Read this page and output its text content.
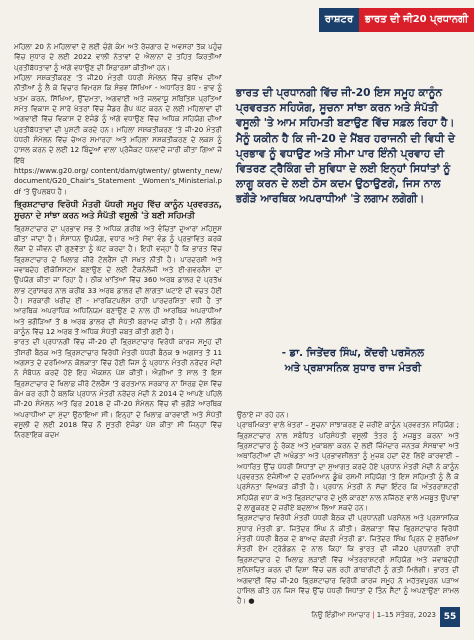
ਰਾਸ਼ਟਰ	ਭਾਰਤ ਦੀ ਜੀ20 ਪ੍ਰਧਾਨਗੀ

ਮਹਿਲਾ 20 ਨੇ ਮਹਿਲਾਵਾਂ ਦੇ ਲਈ ਚੰਗੇ ਕੰਮ ਅਤੇ ਰੋਜ਼ਗਾਰ ਦੇ ਅਵਸਰਾਂ ਤੱਕ ਪਹੁੰਚ ਵਿੱਚ ਸੁਧਾਰ ਦੇ ਲਈ 2022 ਵਾਲੀ ਨੇਤਾਵਾਂ ਦੇ ਐਲਾਨਾਂ ਦੇ ਤਹਿਤ ਕਿਰਤੀਆਂ ਪ੍ਰਤੀਬੱਧਤਾਵਾਂ ਨੂੰ ਅੱਗੇ ਵਧਾਉਣ ਦੀ ਸਿਫ਼ਾਰਸ਼ਾਂ ਕੀਤੀਆਂ ਹਨ।

ਮਹਿਲਾ ਸਸ਼ਕਤੀਕਰਣ 'ਤੇ ਜੀ20 ਮੰਤਰੀ ਪੱਧਰੀ ਸੰਮੇਲਨ ਵਿੱਚ ਭਵਿੱਖ ਦੀਆਂ ਨੀਤੀਆਂ ਨੂੰ ਲੈ ਕੇ ਵਿਚਾਰ ਵਿਮਰਸ਼ ਕਿ ਸੰਭਵ ਸਿੱਖਿਆ - ਅਧਾਰਿਤ ਬੋਧ - ਭਾਵ ਨੂੰ ਖਤਮ ਕਰਨ, ਸਿੱਖਿਆ, ਉੱਦਮਤਾ, ਅਗਵਾਈ ਅਤੇ ਜਲਵਾਯੂ ਸਥਿਤਿਸ਼ ਪ੍ਰਤਿਆਂ ਸਮੇਤ ਵਿਕਾਸ ਦੇ ਸਾਰੇ ਖੇਤਰਾਂ ਵਿੱਚ ਜੈਂਡਰ ਗੈਪ ਘੱਟ ਕਰਨ ਦੇ ਲਈ ਮਹਿਲਾਵਾਂ ਦੀ ਅਗਵਾਈ ਵਿੱਚ ਵਿਕਾਸ ਦੇ ਏਜੰਡੇ ਨੂੰ ਅੱਗੇ ਵਧਾਉਣ ਵਿੱਚ ਅਧਿਕ ਸਹਿਯੋਗ ਦੀਆਂ ਪ੍ਰਤੀਬੱਧਤਾਵਾਂ ਦੀ ਪੁਸ਼ਟੀ ਕਰਦੇ ਹਨ। ਮਹਿਲਾ ਸਸ਼ਕਤੀਕਰਣ 'ਤੇ ਜੀ-20 ਮੰਤਰੀ ਪੱਧਰੀ ਸੰਮੇਲਨ ਵਿੱਚ ਚੇਅਰ ਸਮਾਰਹਾ ਅਤੇ ਮਹਿਲਾ ਸਸ਼ਕਤੀਕਰਣ ਦੇ ਲਕਸ਼ ਨੂੰ ਹਾਸਲ ਕਰਨ ਦੇ ਲਈ 12 ਬਿੰਦੂਆਂ ਵਾਲਾ ਪ੍ਰੋਜੈਕਟ ਧਨਵਾਦੋਂ ਜਾਰੀ ਕੀਤਾ ਗਿਆ ਜੋ ਇੱਥੇ

https://www.g20.org/ content/dam/gtwenty/ gtwenty_new/document/G20_Chair's_Statement _Women's_Ministerial.pdf 'ਤੇ ਉਪਲਬਧ ਹੈ।

ਭ੍ਰਿਸ਼ਟਾਚਾਰ ਵਿਰੋਧੀ ਮੰਤਰੀ ਪੱਧਰੀ ਸਮੂਹ ਵਿੱਚ ਕਾਨੂੰਨ ਪ੍ਰਵਰਤਨ, ਸੂਚਨਾ ਦੇ ਸਾਂਝਾ ਕਰਨ ਅਤੇ ਸੰਪੱਤੀ ਵਸੂਲੀ 'ਤੇ ਬਣੀ ਸਹਿਮਤੀ

ਭ੍ਰਿਸ਼ਟਾਚਾਰ ਦਾ ਪ੍ਰਭਾਵ ਸਭ ਤੋਂ ਅਧਿਕ ਗ਼ਰੀਬ ਅਤੇ ਵੰਚਿਤਾਂ ਦੁਆਰਾ ਮਹਿਸੂਸ ਕੀਤਾ ਜਾਂਦਾ ਹੈ। ਸੰਸਾਧਨ ਉਪਯੋਗ, ਵਧਾਰ ਅਤੇ ਸੇਵਾ ਵੰਡ ਨੂੰ ਪ੍ਰਭਾਵਿਤ ਕਰਕੇ ਲੋਕਾਂ ਦੇ ਜੀਵਨ ਦੀ ਗੁਣਵੱਤਾ ਨੂੰ ਘੱਟ ਕਰਦਾ ਹੈ। ਇਹੀ ਵਜ੍ਹਾ ਹੈ ਕਿ ਭਾਰਤ ਵਿੱਚ ਭ੍ਰਿਸ਼ਟਾਚਾਰ ਦੇ ਖਿਲਾਫ਼ ਜ਼ੀਰੋ ਟੋਲਰੈਂਸ ਦੀ ਸਖ਼ਤ ਨੀਤੀ ਹੈ। ਪਾਰਦਰਸ਼ੀ ਅਤੇ ਜਵਾਬਦੇਹ ਈਕੋਸਿਸਟਮ ਬਣਾਉਣ ਦੇ ਲਈ ਟੈਕਨੋਲੋਜੀ ਅਤੇ ਈ-ਗਵਰਨੈਂਸ ਦਾ ਉਪਯੋਗ ਕੀਤਾ ਜਾ ਰਿਹਾ ਹੈ। ਠੀਕ ਖਾਤਿਆਂ ਵਿੱਚ 360 ਅਰਬ ਡਾਲਰ ਦੇ ਪ੍ਰਤੱਖ ਲਾਭ ਟ੍ਰਾਂਸਫਰ ਨਾਲ ਕਰੀਬ 33 ਅਰਬ ਡਾਲਰ ਦੀ ਲਾਗਤਾਂ ਘਟਾਏ ਦੀ ਵਚਤ ਹੋਈ ਹੈ। ਸਰਕਾਰੀ ਖਰੀਦ ਈ - ਮਾਰਕਿਟਪਲੇਸ ਰਾਹੀਂ ਪਾਰਦਰਸ਼ਿਤਾ ਵਧੀ ਹੈ ਤਾਂ ਆਰਥਿਕ ਅਪਰਾਧਿਕ ਅਧਿਨਿਯਮ ਬਣਾਉਣ ਦੇ ਨਾਲ ਹੀ ਆਰਥਿਕ ਅਪਰਾਧੀਆਂ ਅਤੇ ਭਗੌੜਿਆਂ ਤੋਂ 8 ਅਰਬ ਡਾਲਰ ਦੀ ਸੰਪੱਤੀ ਬਰਾਮਦ ਕੀਤੀ ਹੈ। ਮਨੀ ਲੌਂਡਿੰਗ ਕਾਨੂੰਨ ਵਿੱਚ 12 ਅਰਬ ਤੋਂ ਅਧਿਕ ਸੰਪੱਤੀ ਜ਼ਬਤ ਕੀਤੀ ਗਈ ਹੈ।

ਭਾਰਤ ਦੀ ਪ੍ਰਧਾਨਗੀ ਵਿੱਚ ਜੀ-20 ਦੀ ਭ੍ਰਿਸ਼ਟਾਚਾਰ ਵਿਰੋਧੀ ਕਾਰਜ ਸਮੂਹ ਦੀ ਤੀਸਰੀ ਬੈਠਕ ਅਤੇ ਭ੍ਰਿਸ਼ਟਾਚਾਰ ਵਿਰੋਧੀ ਮੰਤਰੀ ਪੱਧਰੀ ਬੈਠਕ 9 ਅਗਸਤ ਤੋਂ 11 ਅਗਸਤ ਦੇ ਦਰਮਿਆਨ ਕੋਲਕਾਤਾ ਵਿੱਚ ਹੋਈ ਜਿਸ ਨੂੰ ਪ੍ਰਧਾਨ ਮੰਤਰੀ ਨਰੇਂਦਰ ਮੋਦੀ ਨੇ ਸੰਬੋਧਨ ਕਰਦੇ ਹੋਏ ਇਹ ਐਕਸ਼ਨ ਪੇਸ਼ ਕੀਤੀ। ਐਗ਼ੀਆਂ ਤੋਂ ਸਾਲ ਤੋਂ ਇਸ ਭ੍ਰਿਸ਼ਟਾਚਾਰ ਦੇ ਖਿਲਾਫ਼ ਜ਼ੀਰੋ ਟੋਲਰੈਂਸ 'ਤੇ ਫਰਤਮਾਨ ਸਰਕਾਰ ਨਾ ਸਿਰਫ਼ ਦੇਸ਼ ਵਿੱਚ ਕੰਮ ਕਰ ਰਹੀ ਹੈ ਬਲਕਿ ਪ੍ਰਧਾਨ ਮੰਤਰੀ ਨਰੇਂਦਰ ਮੋਦੀ ਨੇ 2014 ਦੇ ਆਪਣੇ ਪਹਿਲੇ ਜੀ-20 ਸੰਮੇਲਨ ਅਤੇ ਫਿਰ 2018 ਦੇ ਜੀ-20 ਸੰਮੇਲਨ ਵਿੱਚ ਵੀ ਭਗੌੜੇ ਆਰਥਿਕ ਅਪਰਾਧੀਆਂ ਦਾ ਮੁੱਦਾ ਉਠਾਇਆ ਸੀ। ਇਨ੍ਹਾਂ ਦੇ ਖਿਲਾਫ਼ ਕਾਰਵਾਈ ਅਤੇ ਸੰਪੱਤੀ ਵਸੂਲੀ ਦੇ ਲਈ 2018 ਵਿੱਚ ਨੌ ਸੂਤਰੀ ਏਜੰਡਾ ਪੇਸ਼ ਕੀਤਾ ਸੀ ਜਿਨ੍ਹਾਂ ਵਿੱਚ ਨਿਰਣਾਇਕ ਕਦਮ

ਭਾਰਤ ਦੀ ਪ੍ਰਧਾਨਗੀ ਵਿੱਚ ਜੀ-20 ਇਸ ਸਮੂਹ ਕਾਨੂੰਨ ਪ੍ਰਵਰਤਨ ਸਹਿਯੋਗ, ਸੂਚਨਾ ਸਾਂਝਾ ਕਰਨ ਅਤੇ ਸੰਪੱਤੀ ਵਸੂਲੀ 'ਤੇ ਆਮ ਸਹਿਮਤੀ ਬਣਾਉਣ ਵਿੱਚ ਸਫ਼ਲ ਰਿਹਾ ਹੈ। ਮੈਨੂੰ ਯਕੀਨ ਹੈ ਕਿ ਜੀ-20 ਦੇ ਮੈਂਬਰ ਹਰਾਜਨੀ ਦੀ ਵਿਧੀ ਦੇ ਪ੍ਰਭਾਵ ਨੂੰ ਵਧਾਉਣ ਅਤੇ ਸੀਮਾ ਪਾਰ ਇੰਨੀ ਪ੍ਰਵਾਹ ਦੀ ਵਿਤਰਣ ਟ੍ਰੈਕਿੰਗ ਦੀ ਸੁਵਿਧਾ ਦੇ ਲਈ ਇਨ੍ਹਾਂ ਸਿਧਾਂਤਾਂ ਨੂੰ ਲਾਗੂ ਕਰਨ ਦੇ ਲਈ ਠੋਸ ਕਦਮ ਉਠਾਉਣਗੇ, ਜਿਸ ਨਾਲ ਭਗੌੜੇ ਆਰਥਿਕ ਅਪਰਾਧੀਆਂ 'ਤੇ ਲਗਾਮ ਲਗੇਗੀ।
- ਡਾ. ਜਿਤੇਂਦਰ ਸਿੰਘ, ਕੇਂਦਰੀ ਪਰਸੋਨਲ
ਅਤੇ ਪ੍ਰਸ਼ਾਸਨਿਕ ਸੁਧਾਰ ਰਾਜ ਮੰਤਰੀ

ਉਠਾਏ ਜਾ ਰਹੇ ਹਨ।

ਪ੍ਰਾਥਮਿਕਤਾ ਵਾਲੇ ਖੇਤਰਾਂ – ਸੂਚਨਾ ਸਾਂਝਾਕਰਣ ਦੇ ਜ਼ਰੀਏ ਕਾਨੂੰਨ ਪ੍ਰਵਰਤਨ ਸਹਿਯੋਗ ; ਭ੍ਰਿਸ਼ਟਾਚਾਰ ਨਾਲ ਸਬੰਧਿਤ ਪਰਿਸੰਪੱਤੀ ਵਸੂਲੀ ਤੰਤਰ ਨੂੰ ਮਜ਼ਬੂਤ ਕਰਨਾ ਅਤੇ ਭ੍ਰਿਸ਼ਟਾਚਾਰ ਨੂੰ ਰੋਕਣ ਅਤੇ ਮੁਕਾਬਲਾ ਕਰਨ ਦੇ ਲਈ ਜ਼ਿੰਮੇਦਾਰ ਜਨਤਕ ਸੰਸਥਾਵਾਂ ਅਤੇ ਅਥਾਰਿਟੀਆਂ ਦੀ ਅਖੰਡਤਾ ਅਤੇ ਪ੍ਰਭਾਵਸ਼ੀਲਤਾ ਨੂੰ ਮੁਜ਼ਬ ਹਦਾਂ ਦੇਣ ਲਿਏ ਕਾਰਵਾਈ – ਅਧਾਰਿਤ ਉੱਚ ਪੱਧਰੀ ਸਿਧਾਂਤਾਂ ਦਾ ਸੁਆਗਤ ਕਰਦੇ ਹੋਏ ਪ੍ਰਧਾਨ ਮੰਤਰੀ ਮੋਦੀ ਨੇ ਕਾਨੂੰਨ ਪ੍ਰਵਰਤਨ ਏਜੰਸੀਆਂ ਦੇ ਦਰਮਿਆਨ ਡੂੰਘੇ ਰਸਮੀ ਸਹਿਯੋਗ 'ਤੇ ਇਸ ਸਹਿਮਤੀ ਨੂੰ ਲੈ ਕੇ ਪ੍ਰਸੰਨਤਾ ਵਿਅਕਤ ਕੀਤੀ ਹੈ। ਪ੍ਰਧਾਨ ਮੰਤਰੀ ਨੇ ਸੱਚਾ ਇੰਟਰ ਕਿ ਅੰਤਰਰਾਸ਼ਟਰੀ ਸਹਿਯੋਗ ਵਧਾ ਕੇ ਅਤੇ ਭ੍ਰਿਸ਼ਟਾਚਾਰ ਦੇ ਮੂਲੋਂ ਕਾਰਣਾਂ ਨਾਲ ਨਜਿੱਠਣ ਵਾਲੇ ਮਜ਼ਬੂਤ ਉਪਾਵਾਂ ਦੇ ਲਾਗੂਕਰਣ ਦੇ ਜ਼ਰੀਏ ਬਦਲਾਅ ਲਿਆ ਸਕਦੇ ਹਨ।

ਭ੍ਰਿਸ਼ਟਾਚਾਰ ਵਿਰੋਧੀ ਮੰਤਰੀ ਪੱਧਰੀ ਬੈਠਕ ਦੀ ਪ੍ਰਧਾਨਗੀ ਪਰਸੋਨਲ ਅਤੇ ਪ੍ਰਸ਼ਾਸਨਿਕ ਸੁਧਾਰ ਮੰਤਰੀ ਡਾ. ਜਿਤੇਂਦਰ ਸਿੰਘ ਨੇ ਕੀਤੀ। ਕੋਲਕਾਤਾ ਵਿੱਚ ਭ੍ਰਿਸ਼ਟਾਚਾਰ ਵਿਰੋਧੀ ਮੰਤਰੀ ਪੱਧਰੀ ਬੈਠਕ ਦੇ ਬਾਅਦ ਕੇਂਦਰੀ ਮੰਤਰੀ ਡਾ. ਜਿਤੇਂਦਰ ਸਿੰਘ ਪ੍ਰਿਨ ਦੇ ਸੁਰੱਖਿਆ ਸੰਤਰੀ ਏਮ ਟ੍ਰੇਗੰਡਨ ਦੇ ਨਾਲ ਕਿਹਾ ਕਿ ਭਾਰਤ ਦੀ ਜੀ20 ਪ੍ਰਧਾਨਗੀ ਰਾਹੀਂ ਭ੍ਰਿਸ਼ਟਾਚਾਰ ਦੇ ਖਿਲਾਫ਼ ਲੜਾਈ ਵਿੱਚ ਅੰਤਰਰਾਸ਼ਟਰੀ ਸਹਿਯੋਗ ਅਤੇ ਜਵਾਬਦੇਹੀ ਸੁਨਿਸ਼ਚਿਤ ਕਰਨ ਦੀ ਦਿਸ਼ਾ ਵਿੱਚ ਚਲ ਰਹੀ ਗਾਥਾਰੀਟੀ ਨੂੰ ਗਤੀ ਮਿਲੇਗੀ। ਭਾਰਤ ਦੀ ਅਗਵਾਈ ਵਿੱਚ ਜੀ-20 ਭ੍ਰਿਸ਼ਟਾਚਾਰ ਵਿਰੋਧੀ ਕਾਰਜ ਸਮੂਹ ਨੇ ਮਹੱਤਵਪੂਰਨ ਪੜਾਅ ਹਾਸਿਲ ਕੀਤੇ ਹਨ ਜਿਸ ਵਿੱਚ ਉੱਚ ਪੱਧਰੀ ਸਿਧਾਂਤਾਂ ਦੇ ਤਿੰਨ ਸੈੱਟਾਂ ਨੂੰ ਅਪਣਾਉਣਾ ਸ਼ਾਮਲ ਹੈ। ●

ਨਿਊ ਇੰਡੀਆ ਸਮਾਚਾਰ | 1–15 ਸਤੰਬਰ, 2023 55
